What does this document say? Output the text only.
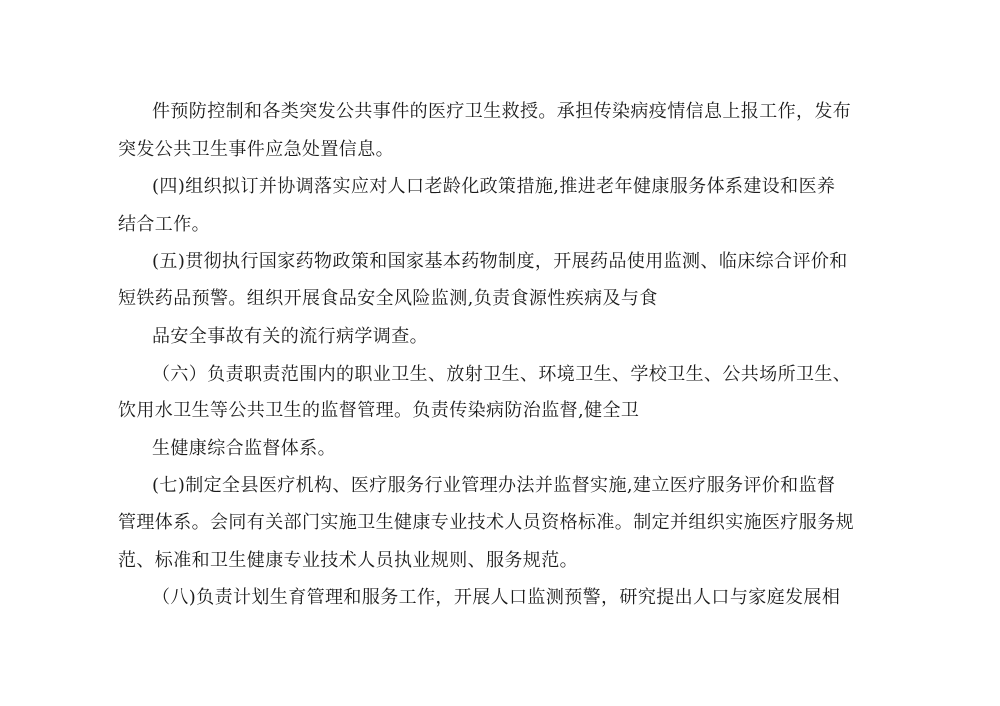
件预防控制和各类突发公共事件的医疗卫生救授。承担传染病疫情信息上报工作，发布
突发公共卫生事件应急处置信息。
(四)组织拟订并协调落实应对人口老龄化政策措施,推进老年健康服务体系建设和医养
结合工作。
(五)贯彻执行国家药物政策和国家基本药物制度，开展药品使用监测、临床综合评价和
短铁药品预警。组织开展食品安全风险监测,负责食源性疾病及与食
品安全事故有关的流行病学调查。
（六）负责职责范围内的职业卫生、放射卫生、环境卫生、学校卫生、公共场所卫生、
饮用水卫生等公共卫生的监督管理。负责传染病防治监督,健全卫
生健康综合监督体系。
(七)制定全县医疗机构、医疗服务行业管理办法并监督实施,建立医疗服务评价和监督
管理体系。会同有关部门实施卫生健康专业技术人员资格标准。制定并组织实施医疗服务规
范、标准和卫生健康专业技术人员执业规则、服务规范。
（八)负责计划生育管理和服务工作，开展人口监测预警，研究提出人口与家庭发展相
